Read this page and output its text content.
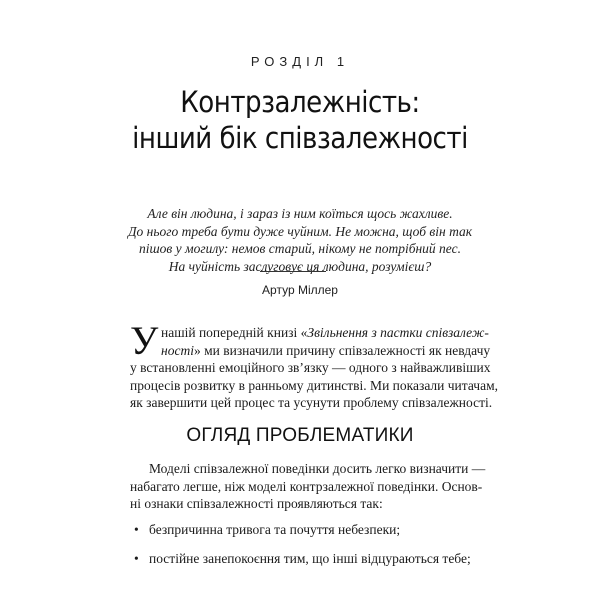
РОЗДІЛ 1
Контрзалежність:
інший бік співзалежності
Але він людина, і зараз із ним коїться щось жахливе.
До нього треба бути дуже чуйним. Не можна, щоб він так
пішов у могилу: немов старий, нікому не потрібний пес.
На чуйність заслуговує ця людина, розумієш?
Артур Міллер
У нашій попередній книзі «Звільнення з пастки співзалеж-
ності» ми визначили причину співзалежності як невдачу
у встановленні емоційного зв’язку — одного з найважливіших
процесів розвитку в ранньому дитинстві. Ми показали читачам,
як завершити цей процес та усунути проблему співзалежності.
ОГЛЯД ПРОБЛЕМАТИКИ
Моделі співзалежної поведінки досить легко визначити —
набагато легше, ніж моделі контрзалежної поведінки. Основ-
ні ознаки співзалежності проявляються так:
• безпричинна тривога та почуття небезпеки;
• постійне занепокоєння тим, що інші відцураються тебе;
